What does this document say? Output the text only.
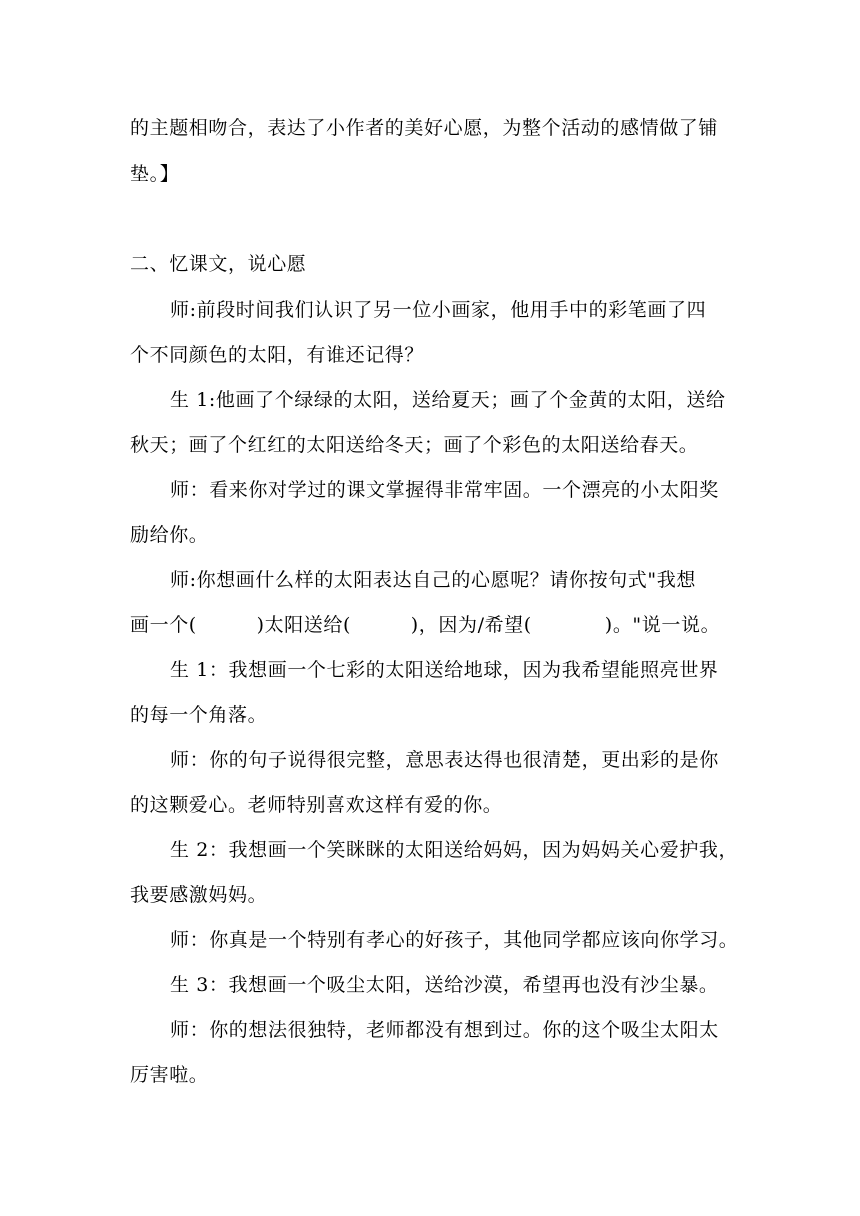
的主题相吻合，表达了小作者的美好心愿，为整个活动的感情做了铺
垫。】
二、忆课文，说心愿
师:前段时间我们认识了另一位小画家，他用手中的彩笔画了四
个不同颜色的太阳，有谁还记得？
生 1:他画了个绿绿的太阳，送给夏天；画了个金黄的太阳，送给
秋天；画了个红红的太阳送给冬天；画了个彩色的太阳送给春天。
师：看来你对学过的课文掌握得非常牢固。一个漂亮的小太阳奖
励给你。
师:你想画什么样的太阳表达自己的心愿呢？请你按句式"我想
画一个(         )太阳送给(         )，因为/希望(           )。"说一说。
生 1：我想画一个七彩的太阳送给地球，因为我希望能照亮世界
的每一个角落。
师：你的句子说得很完整，意思表达得也很清楚，更出彩的是你
的这颗爱心。老师特别喜欢这样有爱的你。
生 2：我想画一个笑眯眯的太阳送给妈妈，因为妈妈关心爱护我，
我要感激妈妈。
师：你真是一个特别有孝心的好孩子，其他同学都应该向你学习。
生 3：我想画一个吸尘太阳，送给沙漠，希望再也没有沙尘暴。
师：你的想法很独特，老师都没有想到过。你的这个吸尘太阳太
厉害啦。
